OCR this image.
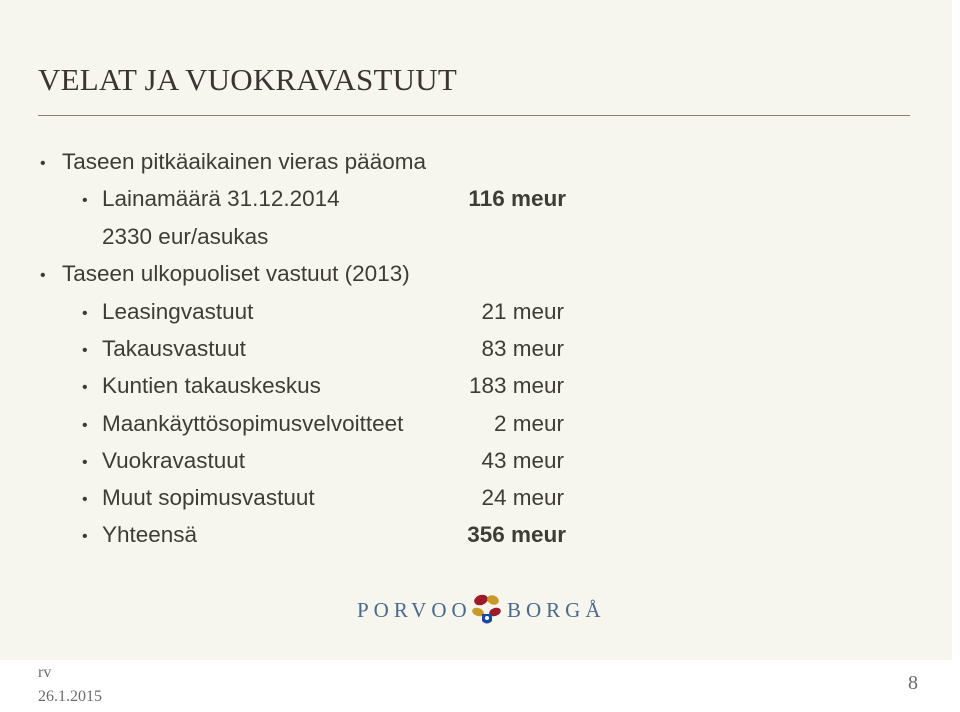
VELAT JA VUOKRAVASTUUT
• Taseen pitkäaikainen vieras pääoma
• Lainamäärä 31.12.2014	116 meur
2330 eur/asukas
• Taseen ulkopuoliset vastuut (2013)
• Leasingvastuut	21 meur
• Takausvastuut	83 meur
• Kuntien takauskeskus	183 meur
• Maankäyttösopimusvelvoitteet	2 meur
• Vuokravastuut	43 meur
• Muut sopimusvastuut	24 meur
• Yhteensä	356 meur
PORVOO BORGÅ
rv
26.1.2015
8
